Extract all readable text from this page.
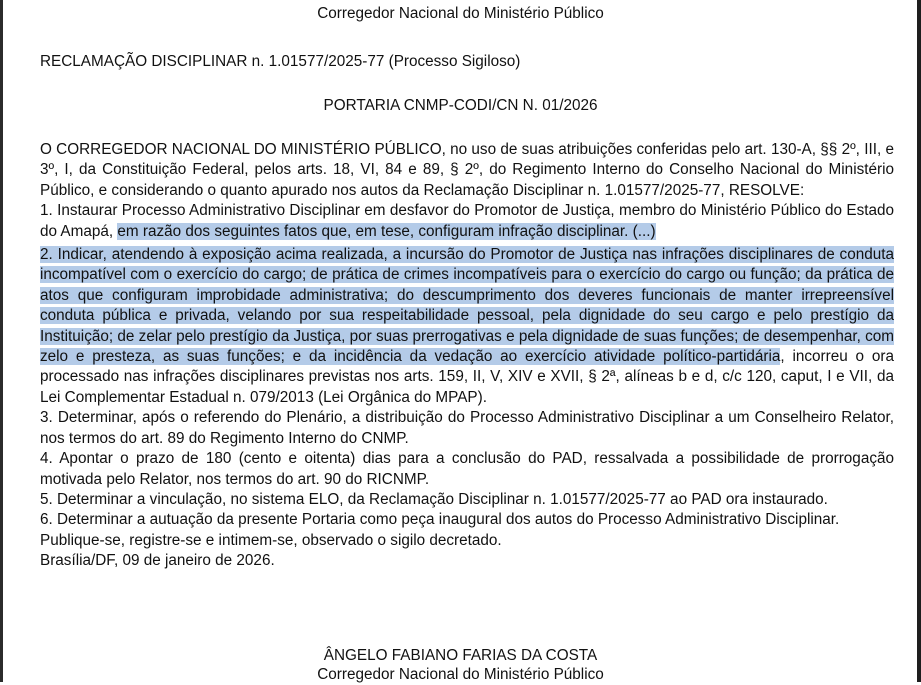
Corregedor Nacional do Ministério Público
RECLAMAÇÃO DISCIPLINAR n. 1.01577/2025-77 (Processo Sigiloso)
PORTARIA CNMP-CODI/CN N. 01/2026

O CORREGEDOR NACIONAL DO MINISTÉRIO PÚBLICO, no uso de suas atribuições conferidas pelo art. 130-A, §§ 2º, III, e 3º, I, da Constituição Federal, pelos arts. 18, VI, 84 e 89, § 2º, do Regimento Interno do Conselho Nacional do Ministério Público, e considerando o quanto apurado nos autos da Reclamação Disciplinar n. 1.01577/2025-77, RESOLVE:

1. Instaurar Processo Administrativo Disciplinar em desfavor do Promotor de Justiça, membro do Ministério Público do Estado do Amapá, em razão dos seguintes fatos que, em tese, configuram infração disciplinar. (...)

2. Indicar, atendendo à exposição acima realizada, a incursão do Promotor de Justiça nas infrações disciplinares de conduta incompatível com o exercício do cargo; de prática de crimes incompatíveis para o exercício do cargo ou função; da prática de atos que configuram improbidade administrativa; do descumprimento dos deveres funcionais de manter irrepreensível conduta pública e privada, velando por sua respeitabilidade pessoal, pela dignidade do seu cargo e pelo prestígio da Instituição; de zelar pelo prestígio da Justiça, por suas prerrogativas e pela dignidade de suas funções; de desempenhar, com zelo e presteza, as suas funções; e da incidência da vedação ao exercício atividade político-partidária, incorreu o ora processado nas infrações disciplinares previstas nos arts. 159, II, V, XIV e XVII, § 2ª, alíneas b e d, c/c 120, caput, I e VII, da Lei Complementar Estadual n. 079/2013 (Lei Orgânica do MPAP).

3. Determinar, após o referendo do Plenário, a distribuição do Processo Administrativo Disciplinar a um Conselheiro Relator, nos termos do art. 89 do Regimento Interno do CNMP.

4. Apontar o prazo de 180 (cento e oitenta) dias para a conclusão do PAD, ressalvada a possibilidade de prorrogação motivada pelo Relator, nos termos do art. 90 do RICNMP.

5. Determinar a vinculação, no sistema ELO, da Reclamação Disciplinar n. 1.01577/2025-77 ao PAD ora instaurado.

6. Determinar a autuação da presente Portaria como peça inaugural dos autos do Processo Administrativo Disciplinar.

Publique-se, registre-se e intimem-se, observado o sigilo decretado.

Brasília/DF, 09 de janeiro de 2026.

ÂNGELO FABIANO FARIAS DA COSTA
Corregedor Nacional do Ministério Público
